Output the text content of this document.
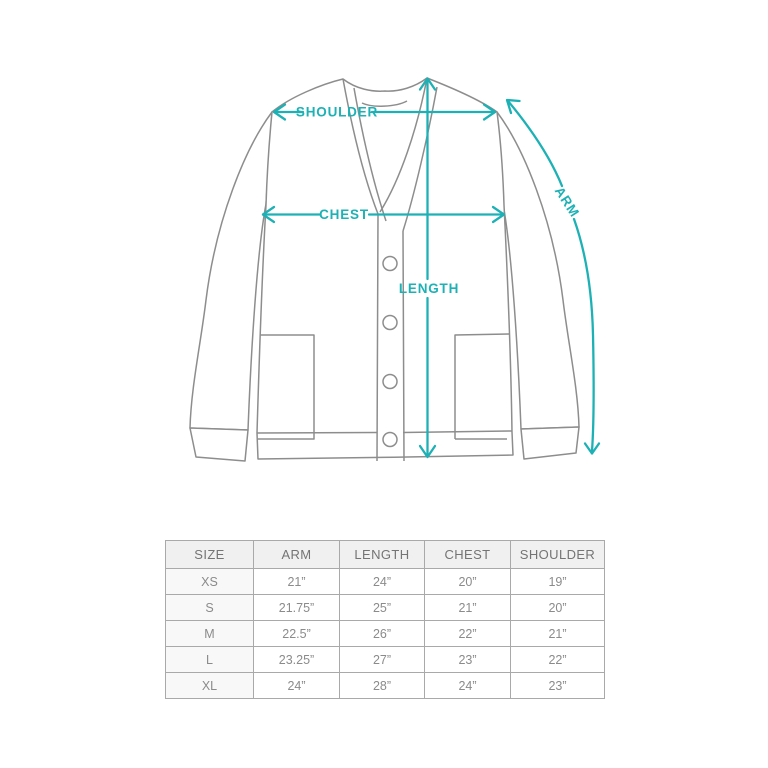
SHOULDER
CHEST
LENGTH
ARM
SIZE	ARM	LENGTH	CHEST	SHOULDER
XS	21”	24”	20”	19”
S	21.75”	25”	21”	20”
M	22.5”	26”	22”	21”
L	23.25”	27”	23”	22”
XL	24”	28”	24”	23”
